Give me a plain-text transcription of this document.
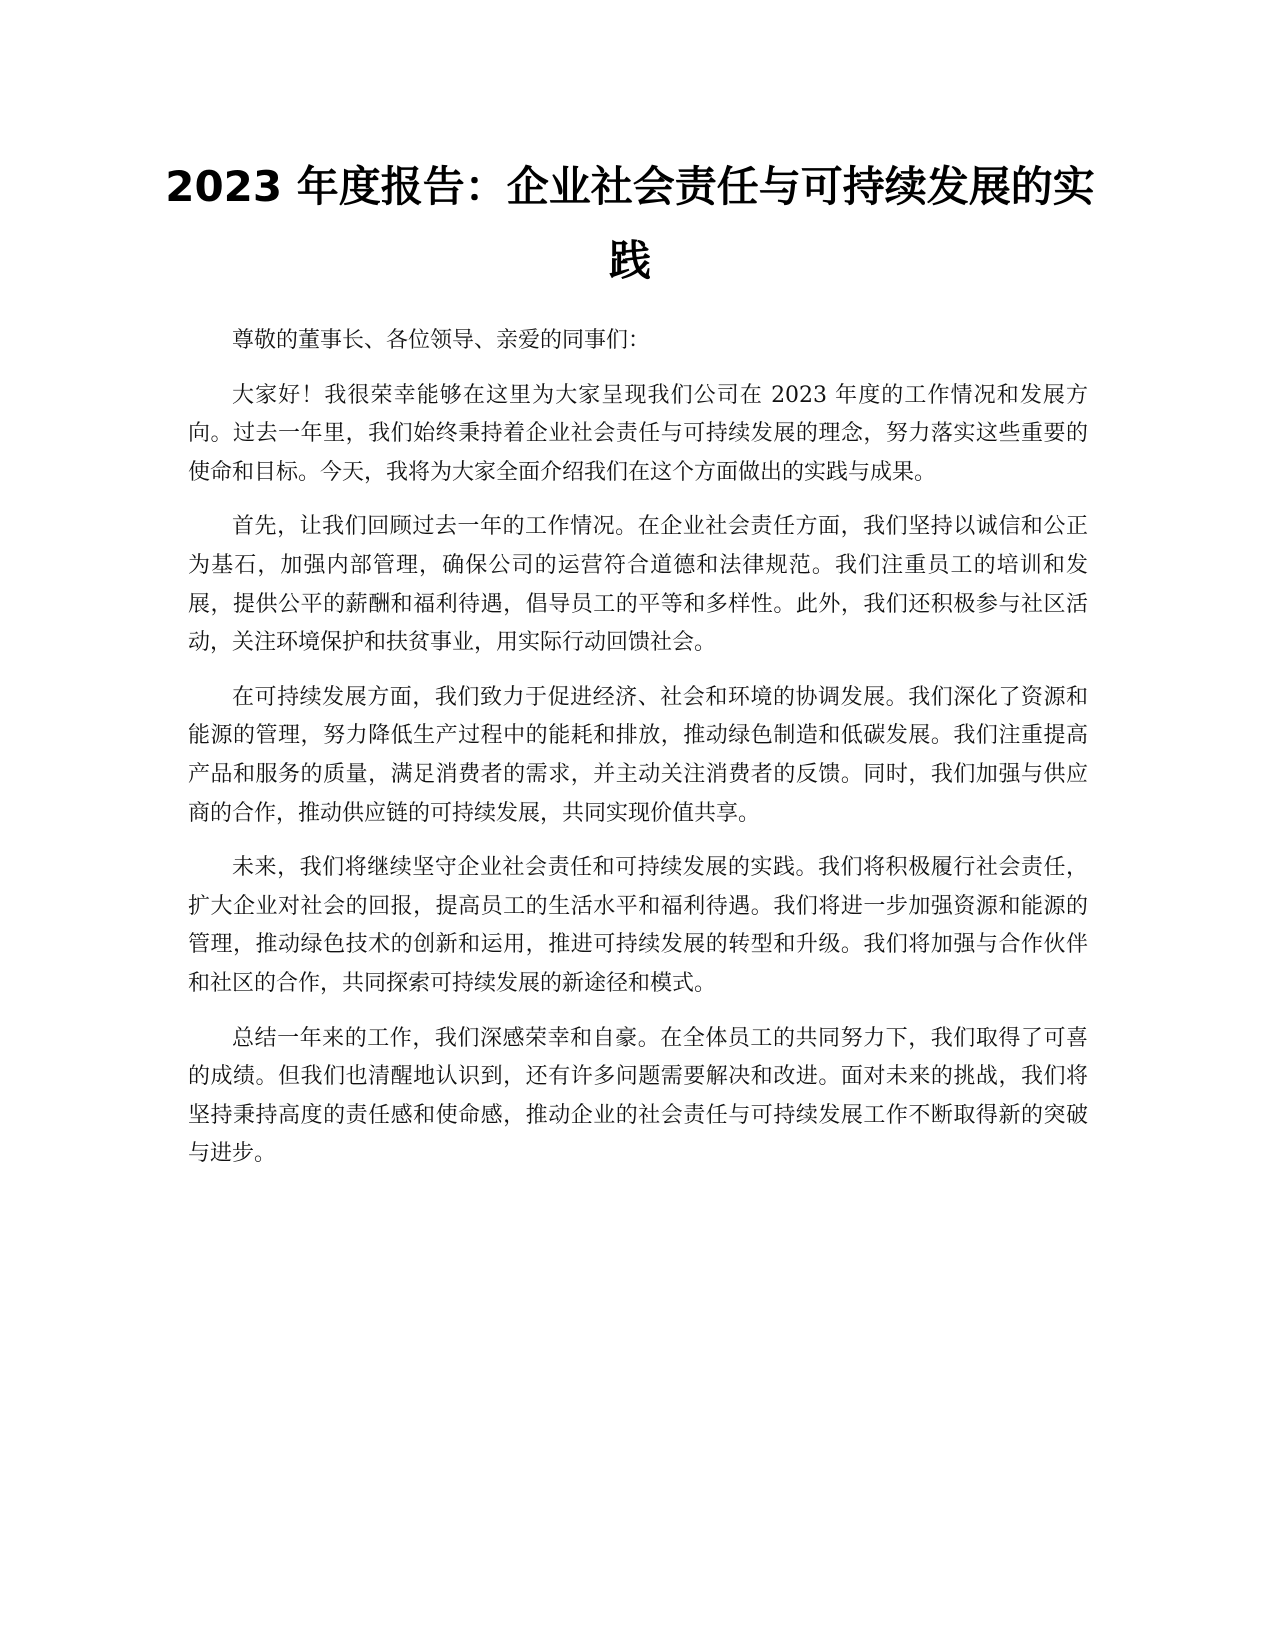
2023 年度报告：企业社会责任与可持续发展的实践

尊敬的董事长、各位领导、亲爱的同事们：

大家好！我很荣幸能够在这里为大家呈现我们公司在 2023 年度的工作情况和发展方向。过去一年里，我们始终秉持着企业社会责任与可持续发展的理念，努力落实这些重要的使命和目标。今天，我将为大家全面介绍我们在这个方面做出的实践与成果。

首先，让我们回顾过去一年的工作情况。在企业社会责任方面，我们坚持以诚信和公正为基石，加强内部管理，确保公司的运营符合道德和法律规范。我们注重员工的培训和发展，提供公平的薪酬和福利待遇，倡导员工的平等和多样性。此外，我们还积极参与社区活动，关注环境保护和扶贫事业，用实际行动回馈社会。

在可持续发展方面，我们致力于促进经济、社会和环境的协调发展。我们深化了资源和能源的管理，努力降低生产过程中的能耗和排放，推动绿色制造和低碳发展。我们注重提高产品和服务的质量，满足消费者的需求，并主动关注消费者的反馈。同时，我们加强与供应商的合作，推动供应链的可持续发展，共同实现价值共享。

未来，我们将继续坚守企业社会责任和可持续发展的实践。我们将积极履行社会责任，扩大企业对社会的回报，提高员工的生活水平和福利待遇。我们将进一步加强资源和能源的管理，推动绿色技术的创新和运用，推进可持续发展的转型和升级。我们将加强与合作伙伴和社区的合作，共同探索可持续发展的新途径和模式。

总结一年来的工作，我们深感荣幸和自豪。在全体员工的共同努力下，我们取得了可喜的成绩。但我们也清醒地认识到，还有许多问题需要解决和改进。面对未来的挑战，我们将坚持秉持高度的责任感和使命感，推动企业的社会责任与可持续发展工作不断取得新的突破与进步。
